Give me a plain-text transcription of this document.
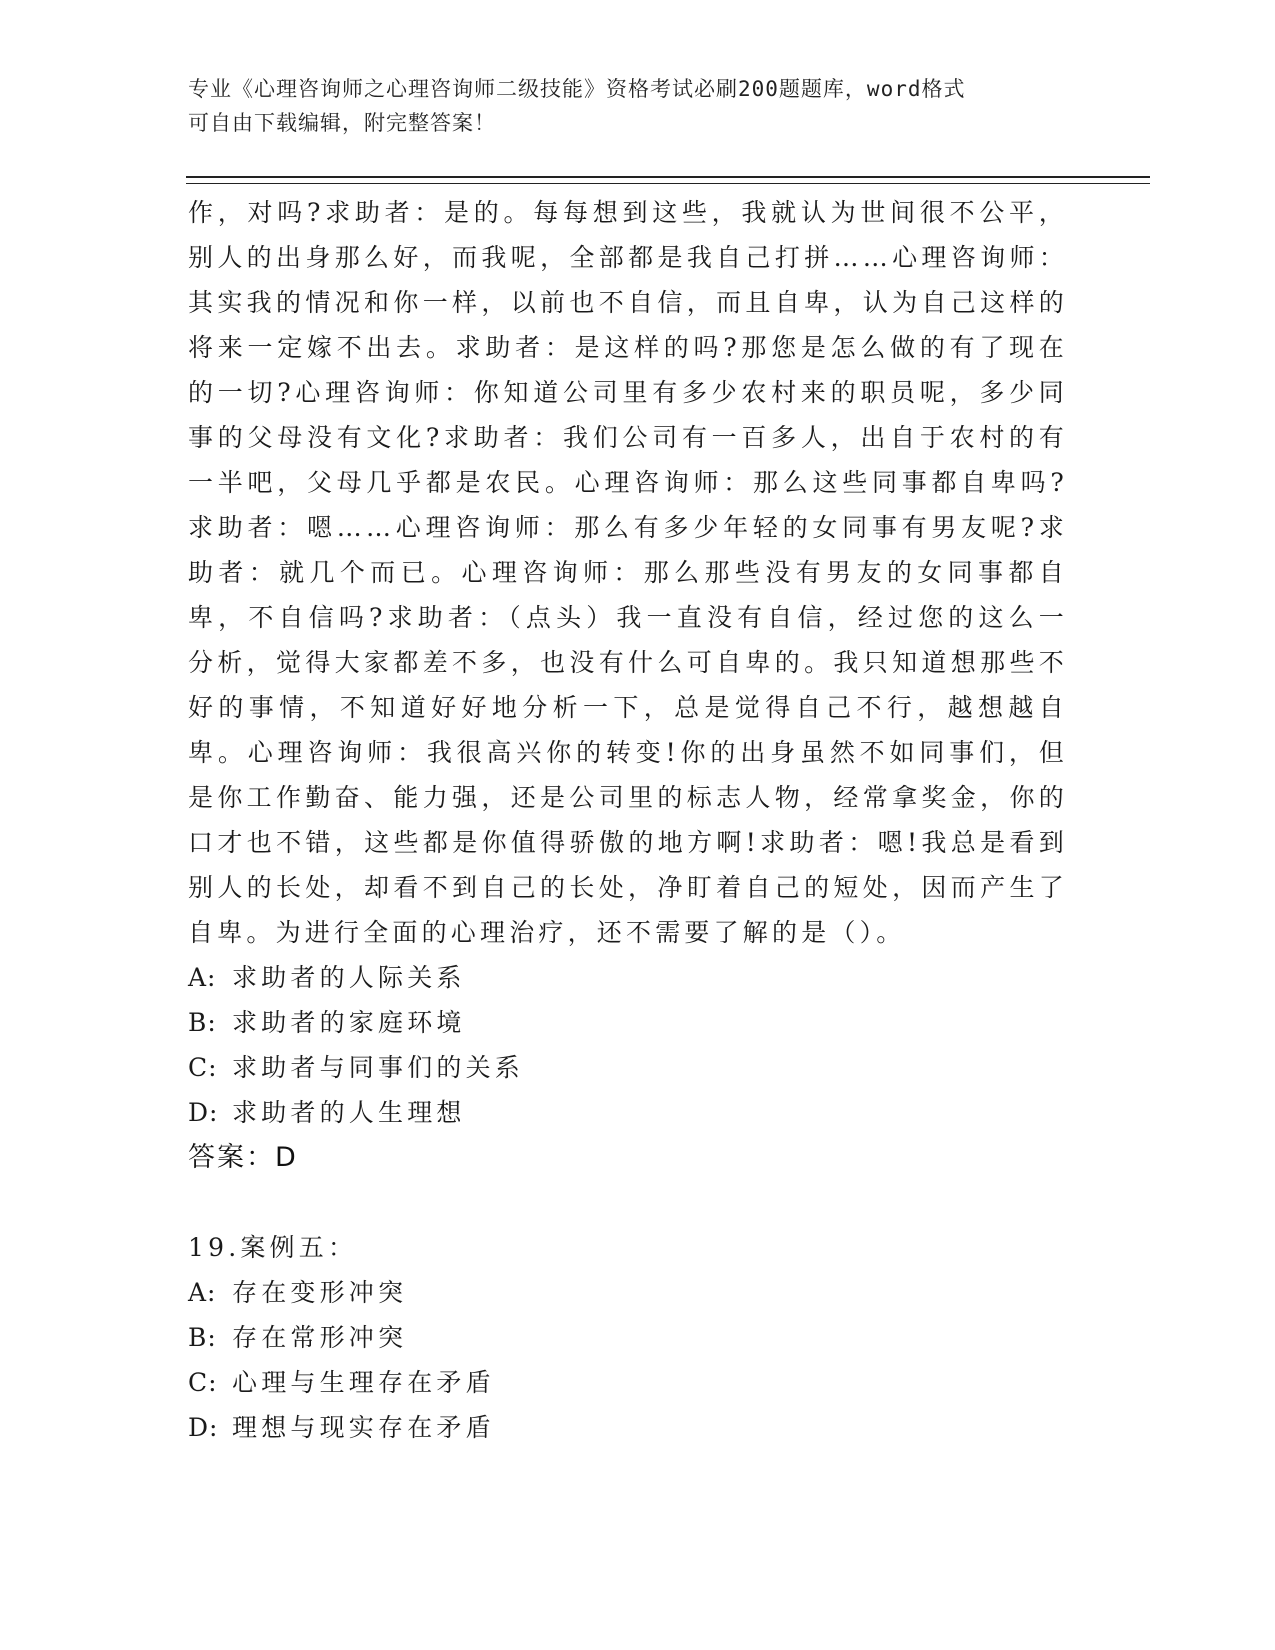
专业《心理咨询师之心理咨询师二级技能》资格考试必刷200题题库，word格式
可自由下载编辑，附完整答案！

作，对吗?求助者：是的。每每想到这些，我就认为世间很不公平，别人的出身那么好，而我呢，全部都是我自己打拼……心理咨询师：其实我的情况和你一样，以前也不自信，而且自卑，认为自己这样的将来一定嫁不出去。求助者：是这样的吗?那您是怎么做的有了现在的一切?心理咨询师：你知道公司里有多少农村来的职员呢，多少同事的父母没有文化?求助者：我们公司有一百多人，出自于农村的有一半吧，父母几乎都是农民。心理咨询师：那么这些同事都自卑吗?求助者：嗯……心理咨询师：那么有多少年轻的女同事有男友呢?求助者：就几个而已。心理咨询师：那么那些没有男友的女同事都自卑，不自信吗?求助者：（点头）我一直没有自信，经过您的这么一分析，觉得大家都差不多，也没有什么可自卑的。我只知道想那些不好的事情，不知道好好地分析一下，总是觉得自己不行，越想越自卑。心理咨询师：我很高兴你的转变!你的出身虽然不如同事们，但是你工作勤奋、能力强，还是公司里的标志人物，经常拿奖金，你的口才也不错，这些都是你值得骄傲的地方啊!求助者：嗯!我总是看到别人的长处，却看不到自己的长处，净盯着自己的短处，因而产生了自卑。为进行全面的心理治疗，还不需要了解的是（）。

A: 求助者的人际关系
B: 求助者的家庭环境
C: 求助者与同事们的关系
D: 求助者的人生理想

答案：D

19.案例五：

A: 存在变形冲突
B: 存在常形冲突
C: 心理与生理存在矛盾
D: 理想与现实存在矛盾
